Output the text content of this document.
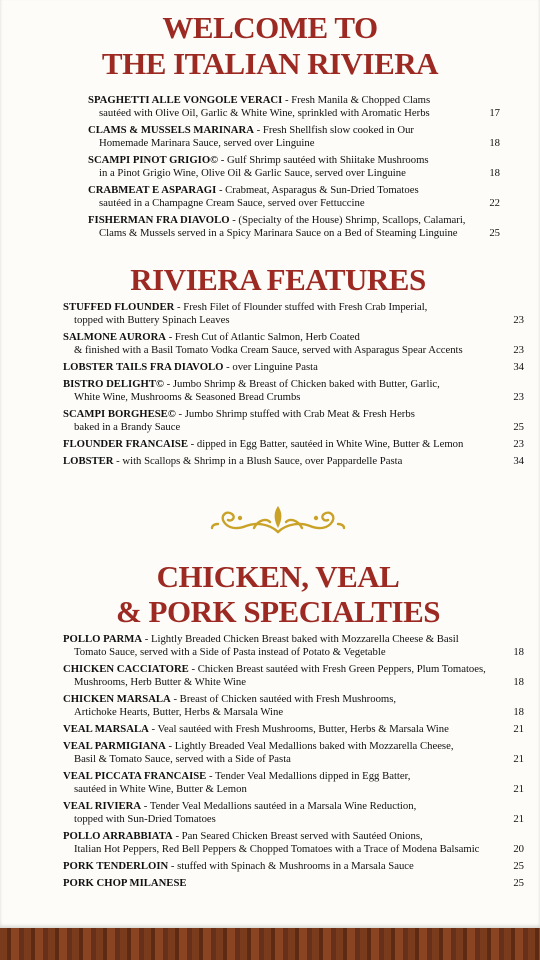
WELCOME TO
THE ITALIAN RIVIERA
SPAGHETTI ALLE VONGOLE VERACI - Fresh Manila & Chopped Clams
sautéed with Olive Oil, Garlic & White Wine, sprinkled with Aromatic Herbs	17
CLAMS & MUSSELS MARINARA - Fresh Shellfish slow cooked in Our
Homemade Marinara Sauce, served over Linguine	18
SCAMPI PINOT GRIGIO© - Gulf Shrimp sautéed with Shiitake Mushrooms
in a Pinot Grigio Wine, Olive Oil & Garlic Sauce, served over Linguine	18
CRABMEAT E ASPARAGI - Crabmeat, Asparagus & Sun-Dried Tomatoes
sautéed in a Champagne Cream Sauce, served over Fettuccine	22
FISHERMAN FRA DIAVOLO - (Specialty of the House) Shrimp, Scallops, Calamari,
Clams & Mussels served in a Spicy Marinara Sauce on a Bed of Steaming Linguine	25
RIVIERA FEATURES
STUFFED FLOUNDER - Fresh Filet of Flounder stuffed with Fresh Crab Imperial,
topped with Buttery Spinach Leaves	23
SALMONE AURORA - Fresh Cut of Atlantic Salmon, Herb Coated
& finished with a Basil Tomato Vodka Cream Sauce, served with Asparagus Spear Accents	23
LOBSTER TAILS FRA DIAVOLO - over Linguine Pasta	34
BISTRO DELIGHT© - Jumbo Shrimp & Breast of Chicken baked with Butter, Garlic,
White Wine, Mushrooms & Seasoned Bread Crumbs	23
SCAMPI BORGHESE© - Jumbo Shrimp stuffed with Crab Meat & Fresh Herbs
baked in a Brandy Sauce	25
FLOUNDER FRANCAISE - dipped in Egg Batter, sautéed in White Wine, Butter & Lemon	23
LOBSTER - with Scallops & Shrimp in a Blush Sauce, over Pappardelle Pasta	34
CHICKEN, VEAL
& PORK SPECIALTIES
POLLO PARMA - Lightly Breaded Chicken Breast baked with Mozzarella Cheese & Basil
Tomato Sauce, served with a Side of Pasta instead of Potato & Vegetable	18
CHICKEN CACCIATORE - Chicken Breast sautéed with Fresh Green Peppers, Plum Tomatoes,
Mushrooms, Herb Butter & White Wine	18
CHICKEN MARSALA - Breast of Chicken sautéed with Fresh Mushrooms,
Artichoke Hearts, Butter, Herbs & Marsala Wine	18
VEAL MARSALA - Veal sautéed with Fresh Mushrooms, Butter, Herbs & Marsala Wine	21
VEAL PARMIGIANA - Lightly Breaded Veal Medallions baked with Mozzarella Cheese,
Basil & Tomato Sauce, served with a Side of Pasta	21
VEAL PICCATA FRANCAISE - Tender Veal Medallions dipped in Egg Batter,
sautéed in White Wine, Butter & Lemon	21
VEAL RIVIERA - Tender Veal Medallions sautéed in a Marsala Wine Reduction,
topped with Sun-Dried Tomatoes	21
POLLO ARRABBIATA - Pan Seared Chicken Breast served with Sautéed Onions,
Italian Hot Peppers, Red Bell Peppers & Chopped Tomatoes with a Trace of Modena Balsamic	20
PORK TENDERLOIN - stuffed with Spinach & Mushrooms in a Marsala Sauce	25
PORK CHOP MILANESE	25
